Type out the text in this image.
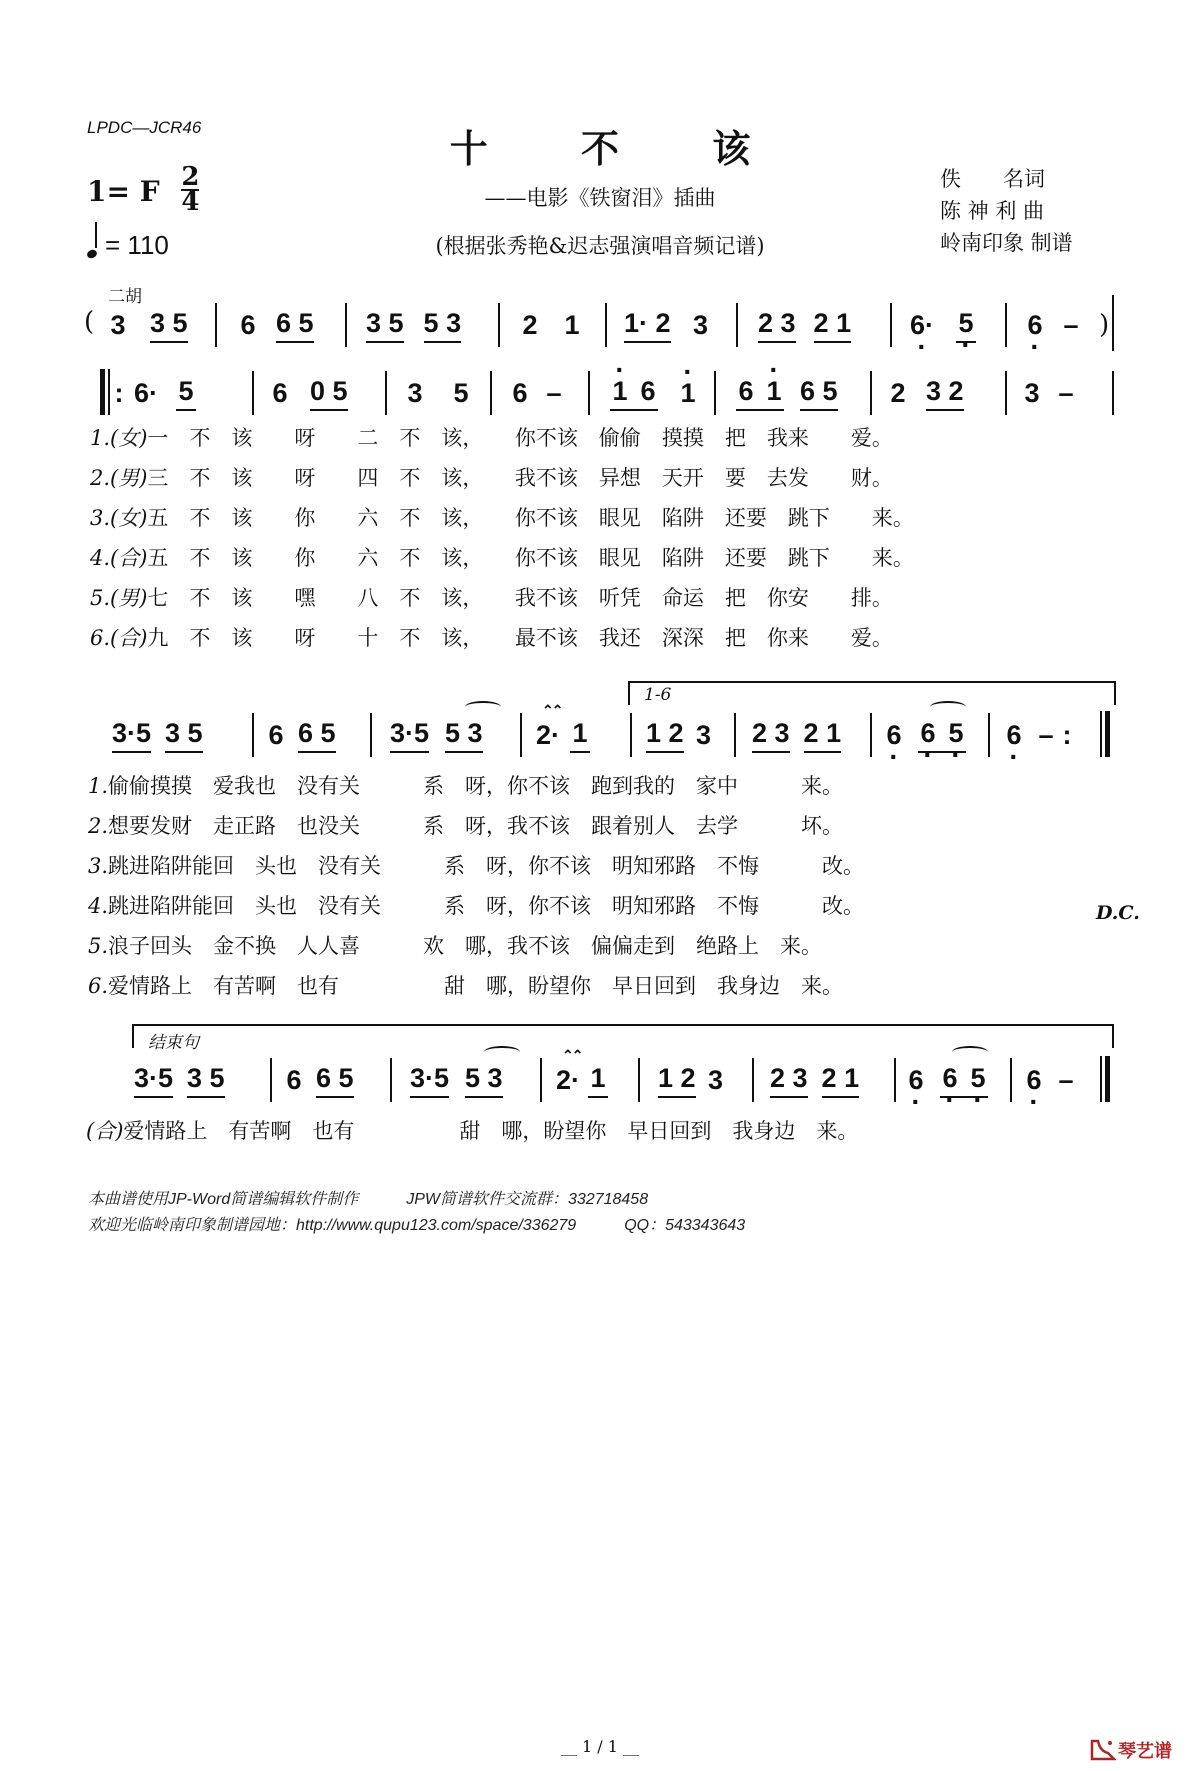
LPDC—JCR46	十 不 该
——电影《铁窗泪》插曲
(根据张秀艳&迟志强演唱音频记谱)
佚　　名词
陈 神 利 曲
岭南印象 制谱
1= F $\frac{2}{4}$
= 110
二胡
( 3 3 5 6 6 5 3 5 5 3 2 1 1· 2 3 2 3 2 1 6· · 5 · 6 · – )
: 6· 5	6 0 5 3 5 6 – · 1 6 · 1 6 · 1 6 5 2 3 2 3 –
1.(女)一　不　该　　呀　　二　不　该，　　你不该　偷偷　摸摸　把　我来　　爱。
2.(男)三　不　该　　呀　　四　不　该，　　我不该　异想　天开　要　去发　　财。
3.(女)五　不　该　　你　　六　不　该，　　你不该　眼见　陷阱　还要　跳下　　来。
4.(合)五　不　该　　你　　六　不　该，　　你不该　眼见　陷阱　还要　跳下　　来。
5.(男)七　不　该　　嘿　　八　不　该，　　我不该　听凭　命运　把　你安　　排。
6.(合)九　不　该　　呀　　十　不　该，　　最不该　我还　深深　把　你来　　爱。
1-6
3·5 3 5 6 6 5 3·5 5 3
⌃⌃
2· 1 1 2 3 2 3 2 1 6 · 6 · 5 · 6 · – :
1.偷偷摸摸　爱我也　没有关　　　系　呀，你不该　跑到我的　家中　　　来。
2.想要发财　走正路　也没关　　　系　呀，我不该　跟着别人　去学　　　坏。
3.跳进陷阱能回　头也　没有关　　　系　呀，你不该　明知邪路　不悔　　　改。
4.跳进陷阱能回　头也　没有关　　　系　呀，你不该　明知邪路　不悔　　　改。
5.浪子回头　金不换　人人喜　　　欢　哪，我不该　偏偏走到　绝路上　来。
6.爱情路上　有苦啊　也有　　　　　甜　哪，盼望你　早日回到　我身边　来。
D.C.
结束句
3·5 3 5 6 6 5 3·5 5 3
⌃⌃
2· 1 1 2 3 2 3 2 1 6 · 6 · 5 · 6 · –
(合)爱情路上　有苦啊　也有　　　　　甜　哪，盼望你　早日回到　我身边　来。
本曲谱使用JP-Word简谱编辑软件制作　　　JPW简谱软件交流群：332718458
欢迎光临岭南印象制谱园地：http://www.qupu123.com/space/336279　　　QQ：543343643
__ 1 / 1 __	琴艺谱
